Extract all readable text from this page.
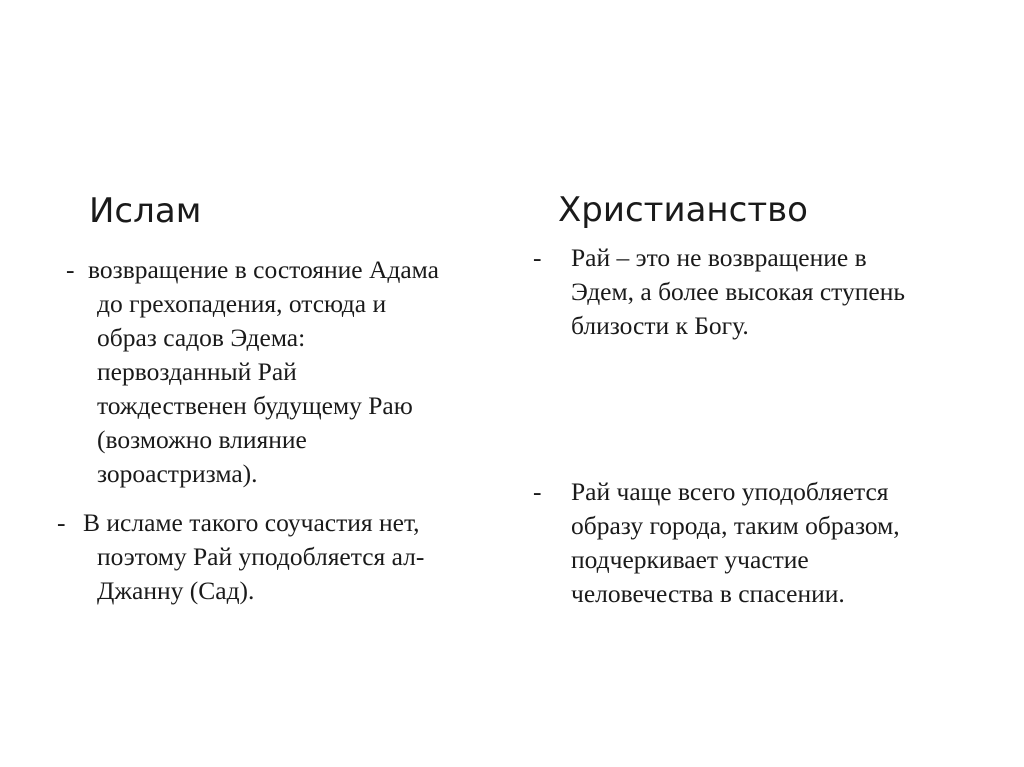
Ислам	Христианство
- возвращение в состояние Адама
до грехопадения, отсюда и
образ садов Эдема:
первозданный Рай
тождественен будущему Раю
(возможно влияние
зороастризма).
- В исламе такого соучастия нет,
поэтому Рай уподобляется ал-
Джанну (Сад).
- Рай – это не возвращение в
Эдем, а более высокая ступень
близости к Богу.
- Рай чаще всего уподобляется
образу города, таким образом,
подчеркивает участие
человечества в спасении.
